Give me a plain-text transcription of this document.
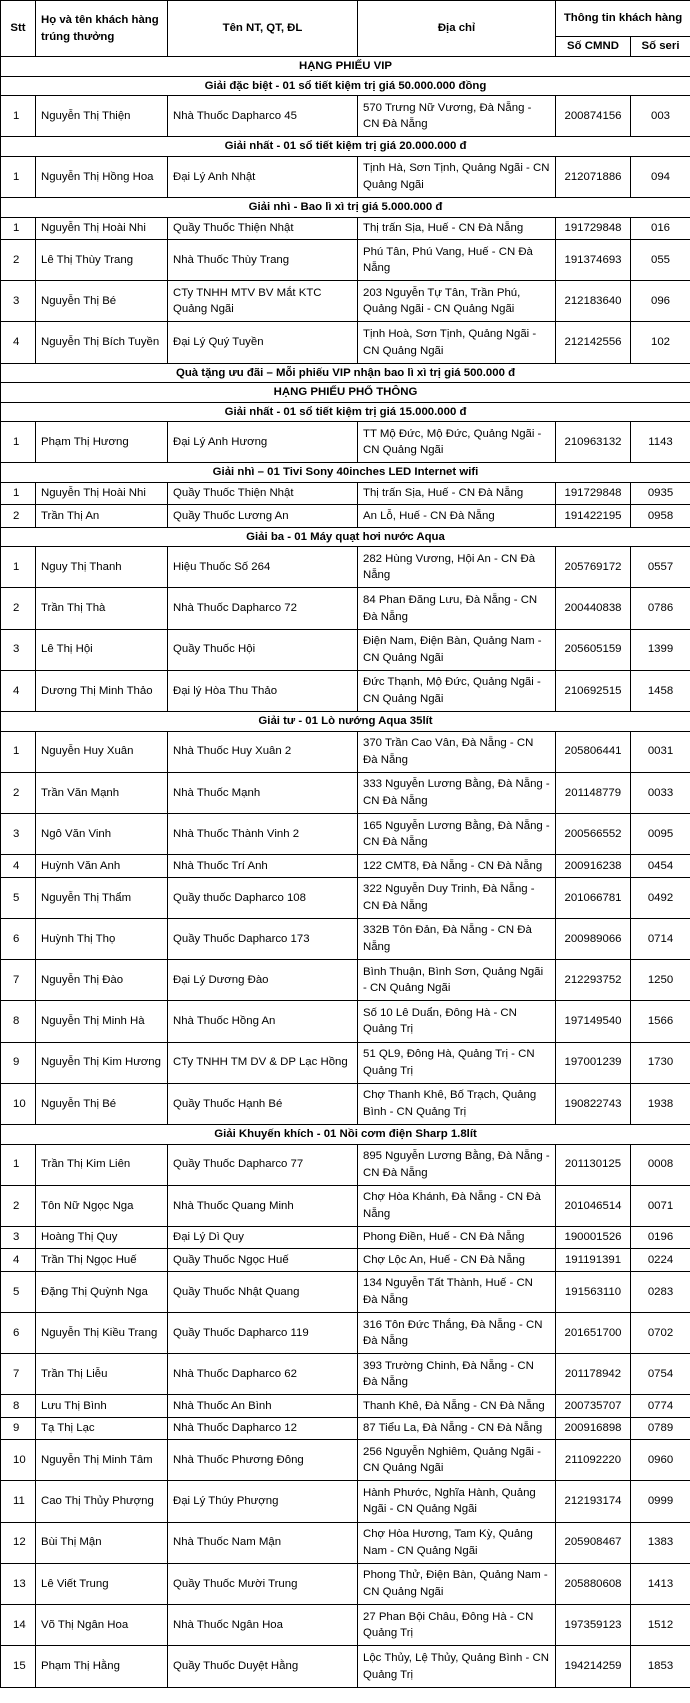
Stt	Họ và tên khách hàng trúng thưởng	Tên NT, QT, ĐL	Địa chỉ	Thông tin khách hàng	
				Số CMND	Số seri
HẠNG PHIẾU VIP					
Giải đặc biệt - 01 sổ tiết kiệm trị giá 50.000.000 đồng					
1	Nguyễn Thị Thiện	Nhà Thuốc Dapharco 45	570 Trưng Nữ Vương, Đà Nẵng - CN Đà Nẵng	200874156	003
Giải nhất - 01 sổ tiết kiệm trị giá 20.000.000 đ					
1	Nguyễn Thị Hồng Hoa	Đại Lý Anh Nhật	Tịnh Hà, Sơn Tịnh, Quảng Ngãi - CN Quảng Ngãi	212071886	094
Giải nhì - Bao lì xì trị giá 5.000.000 đ					
1	Nguyễn Thị Hoài Nhi	Quầy Thuốc Thiện Nhật	Thị trấn Sịa, Huế - CN Đà Nẵng	191729848	016
2	Lê Thị Thùy Trang	Nhà Thuốc Thùy Trang	Phú Tân, Phú Vang, Huế - CN Đà Nẵng	191374693	055
3	Nguyễn Thị Bé	CTy TNHH MTV BV Mắt KTC Quảng Ngãi	203 Nguyễn Tự Tân, Trần Phú, Quảng Ngãi - CN Quảng Ngãi	212183640	096
4	Nguyễn Thị Bích Tuyền	Đại Lý Quý Tuyền	Tịnh Hoà, Sơn Tịnh, Quảng Ngãi - CN Quảng Ngãi	212142556	102
Quà tặng ưu đãi – Mỗi phiếu VIP nhận bao lì xì trị giá 500.000 đ					
HẠNG PHIẾU PHỔ THÔNG					
Giải nhất - 01 sổ tiết kiệm trị giá 15.000.000 đ					
1	Phạm Thị Hương	Đại Lý Anh Hương	TT Mộ Đức, Mộ Đức, Quảng Ngãi - CN Quảng Ngãi	210963132	1143
Giải nhì – 01 Tivi Sony 40inches LED Internet wifi					
1	Nguyễn Thị Hoài Nhi	Quầy Thuốc Thiện Nhật	Thị trấn Sịa, Huế - CN Đà Nẵng	191729848	0935
2	Trần Thị An	Quầy Thuốc Lương An	An Lỗ, Huế - CN Đà Nẵng	191422195	0958
Giải ba - 01 Máy quạt hơi nước Aqua					
1	Nguy Thị Thanh	Hiệu Thuốc Số 264	282 Hùng Vương, Hội An - CN Đà Nẵng	205769172	0557
2	Trần Thị Thà	Nhà Thuốc Dapharco 72	84 Phan Đăng Lưu, Đà Nẵng - CN Đà Nẵng	200440838	0786
3	Lê Thị Hội	Quầy Thuốc Hội	Điện Nam, Điện Bàn, Quảng Nam - CN Quảng Ngãi	205605159	1399
4	Dương Thị Minh Thảo	Đại lý Hòa Thu Thảo	Đức Thạnh, Mộ Đức, Quảng Ngãi - CN Quảng Ngãi	210692515	1458
Giải tư - 01 Lò nướng Aqua 35lít					
1	Nguyễn Huy Xuân	Nhà Thuốc Huy Xuân 2	370 Trần Cao Vân, Đà Nẵng - CN Đà Nẵng	205806441	0031
2	Trần Văn Mạnh	Nhà Thuốc Mạnh	333 Nguyễn Lương Bằng, Đà Nẵng - CN Đà Nẵng	201148779	0033
3	Ngô Văn Vinh	Nhà Thuốc Thành Vinh 2	165 Nguyễn Lương Bằng, Đà Nẵng - CN Đà Nẵng	200566552	0095
4	Huỳnh Văn Anh	Nhà Thuốc Trí Anh	122 CMT8, Đà Nẵng - CN Đà Nẵng	200916238	0454
5	Nguyễn Thị Thẩm	Quầy thuốc Dapharco 108	322 Nguyễn Duy Trinh, Đà Nẵng - CN Đà Nẵng	201066781	0492
6	Huỳnh Thị Thọ	Quầy Thuốc Dapharco 173	332B Tôn Đản, Đà Nẵng - CN Đà Nẵng	200989066	0714
7	Nguyễn Thị Đào	Đại Lý Dương Đào	Bình Thuận, Bình Sơn, Quảng Ngãi - CN Quảng Ngãi	212293752	1250
8	Nguyễn Thị Minh Hà	Nhà Thuốc Hồng An	Số 10 Lê Duẩn, Đông Hà - CN Quảng Trị	197149540	1566
9	Nguyễn Thị Kim Hương	CTy TNHH TM DV & DP Lạc Hồng	51 QL9, Đông Hà, Quảng Trị - CN Quảng Trị	197001239	1730
10	Nguyễn Thị Bé	Quầy Thuốc Hạnh Bé	Chợ Thanh Khê, Bố Trạch, Quảng Bình - CN Quảng Trị	190822743	1938
Giải Khuyến khích - 01 Nồi cơm điện Sharp 1.8lít					
1	Trần Thị Kim Liên	Quầy Thuốc Dapharco 77	895 Nguyễn Lương Bằng, Đà Nẵng - CN Đà Nẵng	201130125	0008
2	Tôn Nữ Ngọc Nga	Nhà Thuốc Quang Minh	Chợ Hòa Khánh, Đà Nẵng - CN Đà Nẵng	201046514	0071
3	Hoàng Thị Quy	Đại Lý Dì Quy	Phong Điền, Huế - CN Đà Nẵng	190001526	0196
4	Trần Thị Ngọc Huế	Quầy Thuốc Ngọc Huế	Chợ Lộc An, Huế - CN Đà Nẵng	191191391	0224
5	Đặng Thị Quỳnh Nga	Quầy Thuốc Nhật Quang	134 Nguyễn Tất Thành, Huế - CN Đà Nẵng	191563110	0283
6	Nguyễn Thị Kiều Trang	Quầy Thuốc Dapharco 119	316 Tôn Đức Thắng, Đà Nẵng - CN Đà Nẵng	201651700	0702
7	Trần Thị Liễu	Nhà Thuốc Dapharco 62	393 Trường Chinh, Đà Nẵng - CN Đà Nẵng	201178942	0754
8	Lưu Thị Bình	Nhà Thuốc An Bình	Thanh Khê, Đà Nẵng - CN Đà Nẵng	200735707	0774
9	Tạ Thị Lạc	Nhà Thuốc Dapharco 12	87 Tiểu La, Đà Nẵng - CN Đà Nẵng	200916898	0789
10	Nguyễn Thị Minh Tâm	Nhà Thuốc Phương Đông	256 Nguyễn Nghiêm, Quảng Ngãi - CN Quảng Ngãi	211092220	0960
11	Cao Thị Thủy Phượng	Đại Lý Thúy Phượng	Hành Phước, Nghĩa Hành, Quảng Ngãi - CN Quảng Ngãi	212193174	0999
12	Bùi Thị Mận	Nhà Thuốc Nam Mận	Chợ Hòa Hương, Tam Kỳ, Quảng Nam - CN Quảng Ngãi	205908467	1383
13	Lê Viết Trung	Quầy Thuốc Mười Trung	Phong Thử, Điện Bàn, Quảng Nam - CN Quảng Ngãi	205880608	1413
14	Võ Thị Ngân Hoa	Nhà Thuốc Ngân Hoa	27 Phan Bội Châu, Đông Hà - CN Quảng Trị	197359123	1512
15	Phạm Thị Hằng	Quầy Thuốc Duyệt Hằng	Lộc Thủy, Lệ Thủy, Quảng Bình - CN Quảng Trị	194214259	1853
